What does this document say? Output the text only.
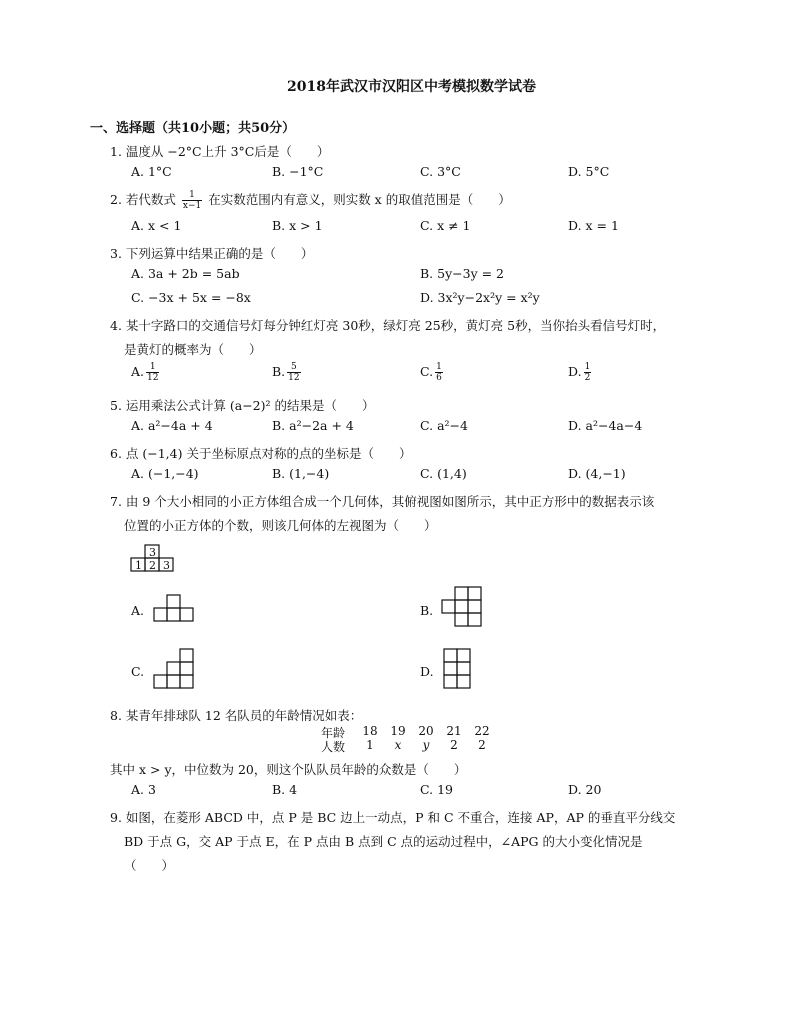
2018年武汉市汉阳区中考模拟数学试卷
一、选择题（共10小题；共50分）
1. 温度从 −2°C上升 3°C后是（　　）
A. 1°C	B. −1°C	C. 3°C	D. 5°C
2. 若代数式 $\frac{1}{x-1}$ 在实数范围内有意义，则实数 x 的取值范围是（　　）
A. x < 1	B. x > 1	C. x ≠ 1	D. x = 1
3. 下列运算中结果正确的是（　　）
A. 3a + 2b = 5ab	B. 5y−3y = 2
C. −3x + 5x = −8x	D. 3x²y−2x²y = x²y
4. 某十字路口的交通信号灯每分钟红灯亮 30秒，绿灯亮 25秒，黄灯亮 5秒，当你抬头看信号灯时，
是黄灯的概率为（　　）
A. $\frac{1}{12}$	B. $\frac{5}{12}$	C. $\frac{1}{6}$	D. $\frac{1}{2}$
5. 运用乘法公式计算 (a−2)² 的结果是（　　）
A. a²−4a + 4	B. a²−2a + 4	C. a²−4	D. a²−4a−4
6. 点 (−1,4) 关于坐标原点对称的点的坐标是（　　）
A. (−1,−4)	B. (1,−4)	C. (1,4)	D. (4,−1)
7. 由 9 个大小相同的小正方体组合成一个几何体，其俯视图如图所示，其中正方形中的数据表示该
位置的小正方体的个数，则该几何体的左视图为（　　）
3
1 2 3
A.	B.
C.	D.
8. 某青年排球队 12 名队员的年龄情况如表：
年龄	18	19	20	21	22
人数	1	x	y	2	2
其中 x > y，中位数为 20，则这个队队员年龄的众数是（　　）
A. 3	B. 4	C. 19	D. 20
9. 如图，在菱形 ABCD 中，点 P 是 BC 边上一动点，P 和 C 不重合，连接 AP，AP 的垂直平分线交
BD 于点 G，交 AP 于点 E，在 P 点由 B 点到 C 点的运动过程中，∠APG 的大小变化情况是
（　　）
